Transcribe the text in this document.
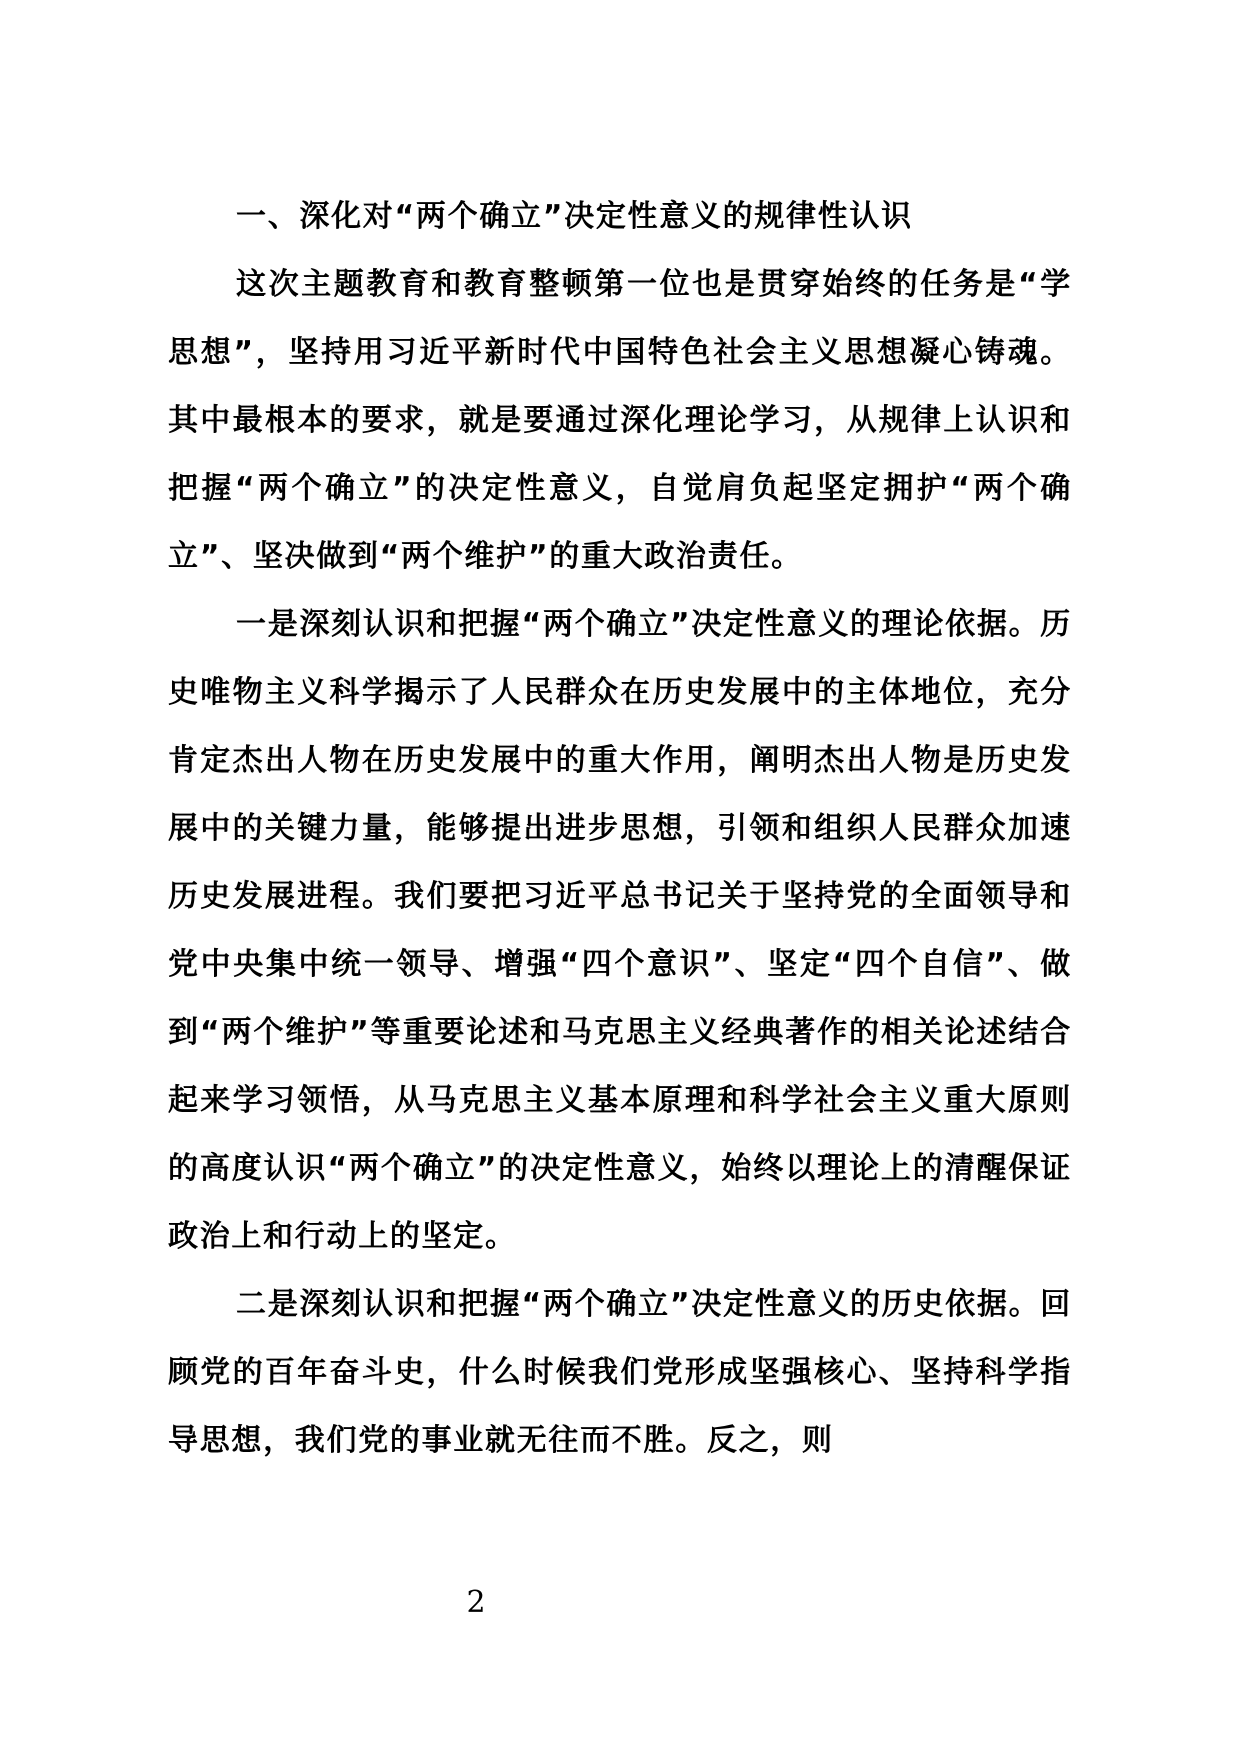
一、深化对“两个确立”决定性意义的规律性认识

这次主题教育和教育整顿第一位也是贯穿始终的任务是“学思想”，坚持用习近平新时代中国特色社会主义思想凝心铸魂。其中最根本的要求，就是要通过深化理论学习，从规律上认识和把握“两个确立”的决定性意义，自觉肩负起坚定拥护“两个确立”、坚决做到“两个维护”的重大政治责任。

一是深刻认识和把握“两个确立”决定性意义的理论依据。历史唯物主义科学揭示了人民群众在历史发展中的主体地位，充分肯定杰出人物在历史发展中的重大作用，阐明杰出人物是历史发展中的关键力量，能够提出进步思想，引领和组织人民群众加速历史发展进程。我们要把习近平总书记关于坚持党的全面领导和党中央集中统一领导、增强“四个意识”、坚定“四个自信”、做到“两个维护”等重要论述和马克思主义经典著作的相关论述结合起来学习领悟，从马克思主义基本原理和科学社会主义重大原则的高度认识“两个确立”的决定性意义，始终以理论上的清醒保证政治上和行动上的坚定。

二是深刻认识和把握“两个确立”决定性意义的历史依据。回顾党的百年奋斗史，什么时候我们党形成坚强核心、坚持科学指导思想，我们党的事业就无往而不胜。反之，则

2
